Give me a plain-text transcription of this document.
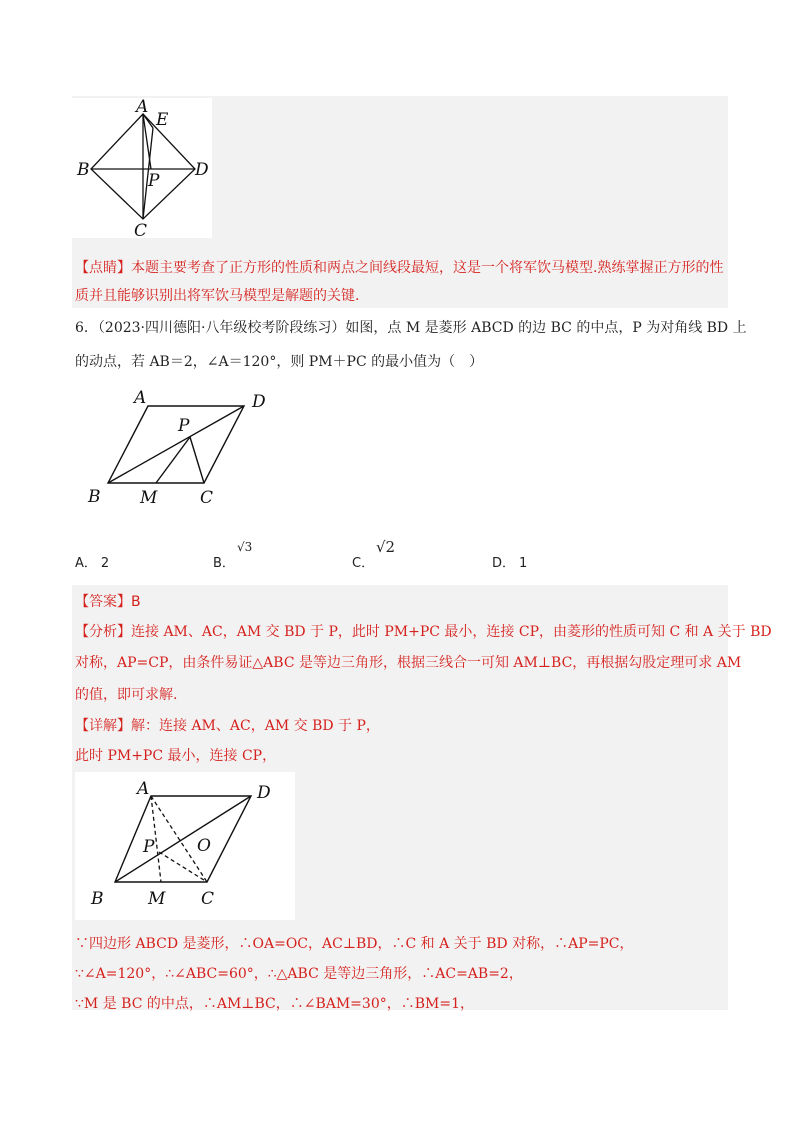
A
E
B
P
D
C
【点睛】本题主要考查了正方形的性质和两点之间线段最短，这是一个将军饮马模型.熟练掌握正方形的性
质并且能够识别出将军饮马模型是解题的关键.
6．（2023·四川德阳·八年级校考阶段练习）如图，点 M 是菱形 ABCD 的边 BC 的中点，P 为对角线 BD 上
的动点，若 AB＝2，∠A＝120°，则 PM＋PC 的最小值为（　）
A	D
P
B M	C
A． 2	B．
√3
C．
√2
D． 1
【答案】B
【分析】连接 AM、AC，AM 交 BD 于 P，此时 PM+PC 最小，连接 CP，由菱形的性质可知 C 和 A 关于 BD
对称，AP=CP，由条件易证△ABC 是等边三角形，根据三线合一可知 AM⊥BC，再根据勾股定理可求 AM
的值，即可求解.
【详解】解：连接 AM、AC，AM 交 BD 于 P，
此时 PM+PC 最小，连接 CP，
A	D
P	O
B	M C
∵四边形 ABCD 是菱形，∴OA=OC，AC⊥BD，∴C 和 A 关于 BD 对称，∴AP=PC，
∵∠A=120°，∴∠ABC=60°，∴△ABC 是等边三角形，∴AC=AB=2，
∵M 是 BC 的中点，∴AM⊥BC，∴∠BAM=30°，∴BM=1，
